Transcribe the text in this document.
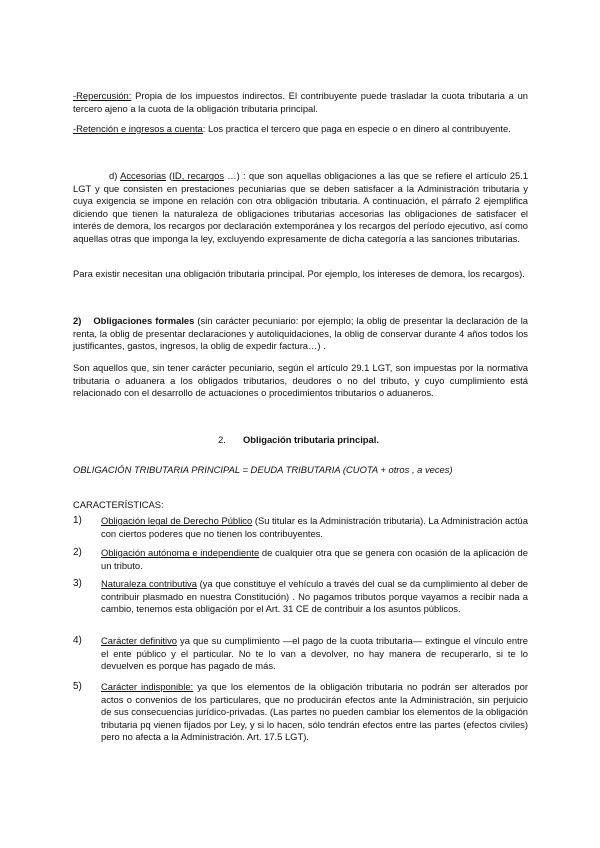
-Repercusión: Propia de los impuestos indirectos. El contribuyente puede trasladar la cuota tributaria a un tercero ajeno a la cuota de la obligación tributaria principal.

-Retención e ingresos a cuenta: Los practica el tercero que paga en especie o en dinero al contribuyente.

d) Accesorias (ID, recargos …) : que son aquellas obligaciones a las que se refiere el artículo 25.1 LGT y que consisten en prestaciones pecuniarias que se deben satisfacer a la Administración tributaria y cuya exigencia se impone en relación con otra obligación tributaria. A continuación, el párrafo 2 ejemplifica diciendo que tienen la naturaleza de obligaciones tributarias accesorias las obligaciones de satisfacer el interés de demora, los recargos por declaración extemporánea y los recargos del período ejecutivo, así como aquellas otras que imponga la ley, excluyendo expresamente de dicha categoría a las sanciones tributarias.

Para existir necesitan una obligación tributaria principal. Por ejemplo, los intereses de demora, los recargos).

2) Obligaciones formales (sin carácter pecuniario: por ejemplo; la oblig de presentar la declaración de la renta, la oblig de presentar declaraciones y autoliquidaciones, la oblig de conservar durante 4 años todos los justificantes, gastos, ingresos, la oblig de expedir factura…) .

Son aquellos que, sin tener carácter pecuniario, según el artículo 29.1 LGT, son impuestas por la normativa tributaria o aduanera a los obligados tributarios, deudores o no del tributo, y cuyo cumplimiento está relacionado con el desarrollo de actuaciones o procedimientos tributarios o aduaneros.

2. Obligación tributaria principal.

OBLIGACIÓN TRIBUTARIA PRINCIPAL = DEUDA TRIBUTARIA (CUOTA + otros , a veces)

CARACTERÍSTICAS:

1) Obligación legal de Derecho Público (Su titular es la Administración tributaria). La Administración actúa con ciertos poderes que no tienen los contribuyentes.
2) Obligación autónoma e independiente de cualquier otra que se genera con ocasión de la aplicación de un tributo.
3) Naturaleza contributiva (ya que constituye el vehículo a través del cual se da cumplimiento al deber de contribuir plasmado en nuestra Constitución) . No pagamos tributos porque vayamos a recibir nada a cambio, tenemos esta obligación por el Art. 31 CE de contribuir a los asuntos públicos.
4) Carácter definitivo ya que su cumplimiento —el pago de la cuota tributaria— extingue el vínculo entre el ente público y el particular. No te lo van a devolver, no hay manera de recuperarlo, si te lo devuelven es porque has pagado de más.
5) Carácter indisponible: ya que los elementos de la obligación tributaria no podrán ser alterados por actos o convenios de los particulares, que no producirán efectos ante la Administración, sin perjuicio de sus consecuencias jurídico-privadas. (Las partes no pueden cambiar los elementos de la obligación tributaria pq vienen fijados por Ley, y si lo hacen, sólo tendrán efectos entre las partes (efectos civiles) pero no afecta a la Administración. Art. 17.5 LGT).
